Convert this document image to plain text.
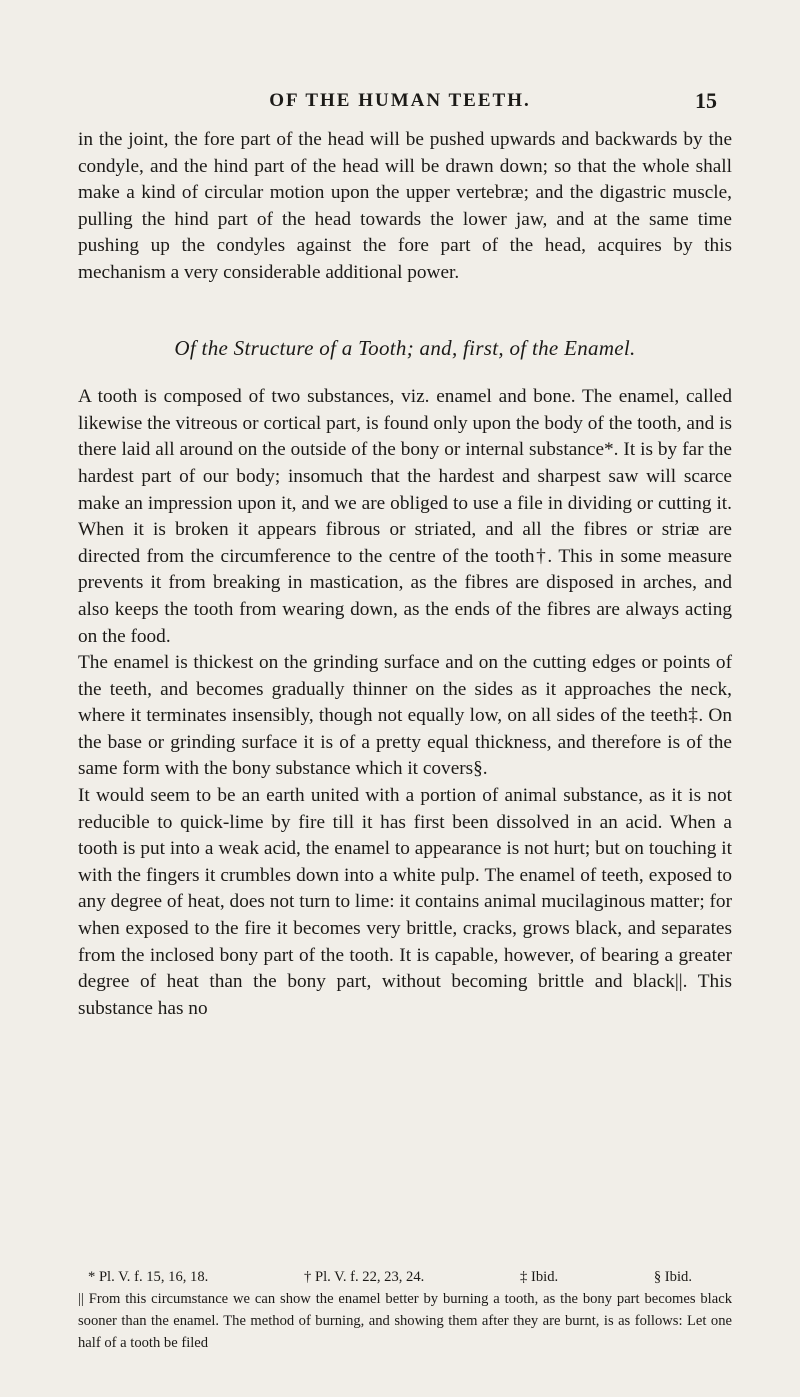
OF THE HUMAN TEETH.	15

in the joint, the fore part of the head will be pushed upwards and backwards by the condyle, and the hind part of the head will be drawn down; so that the whole shall make a kind of circular motion upon the upper vertebræ; and the digastric muscle, pulling the hind part of the head towards the lower jaw, and at the same time pushing up the condyles against the fore part of the head, acquires by this mechanism a very considerable additional power.

Of the Structure of a Tooth; and, first, of the Enamel.

A tooth is composed of two substances, viz. enamel and bone. The enamel, called likewise the vitreous or cortical part, is found only upon the body of the tooth, and is there laid all around on the outside of the bony or internal substance*. It is by far the hardest part of our body; insomuch that the hardest and sharpest saw will scarce make an impression upon it, and we are obliged to use a file in dividing or cutting it. When it is broken it appears fibrous or striated, and all the fibres or striæ are directed from the circumference to the centre of the tooth†. This in some measure prevents it from breaking in mastication, as the fibres are disposed in arches, and also keeps the tooth from wearing down, as the ends of the fibres are always acting on the food.

The enamel is thickest on the grinding surface and on the cutting edges or points of the teeth, and becomes gradually thinner on the sides as it approaches the neck, where it terminates insensibly, though not equally low, on all sides of the teeth‡. On the base or grinding surface it is of a pretty equal thickness, and therefore is of the same form with the bony substance which it covers§.

It would seem to be an earth united with a portion of animal substance, as it is not reducible to quick-lime by fire till it has first been dissolved in an acid. When a tooth is put into a weak acid, the enamel to appearance is not hurt; but on touching it with the fingers it crumbles down into a white pulp. The enamel of teeth, exposed to any degree of heat, does not turn to lime: it contains animal mucilaginous matter; for when exposed to the fire it becomes very brittle, cracks, grows black, and separates from the inclosed bony part of the tooth. It is capable, however, of bearing a greater degree of heat than the bony part, without becoming brittle and black||. This substance has no

* Pl. V. f. 15, 16, 18.	† Pl. V. f. 22, 23, 24.	‡ Ibid.	§ Ibid.

|| From this circumstance we can show the enamel better by burning a tooth, as the bony part becomes black sooner than the enamel. The method of burning, and showing them after they are burnt, is as follows: Let one half of a tooth be filed
